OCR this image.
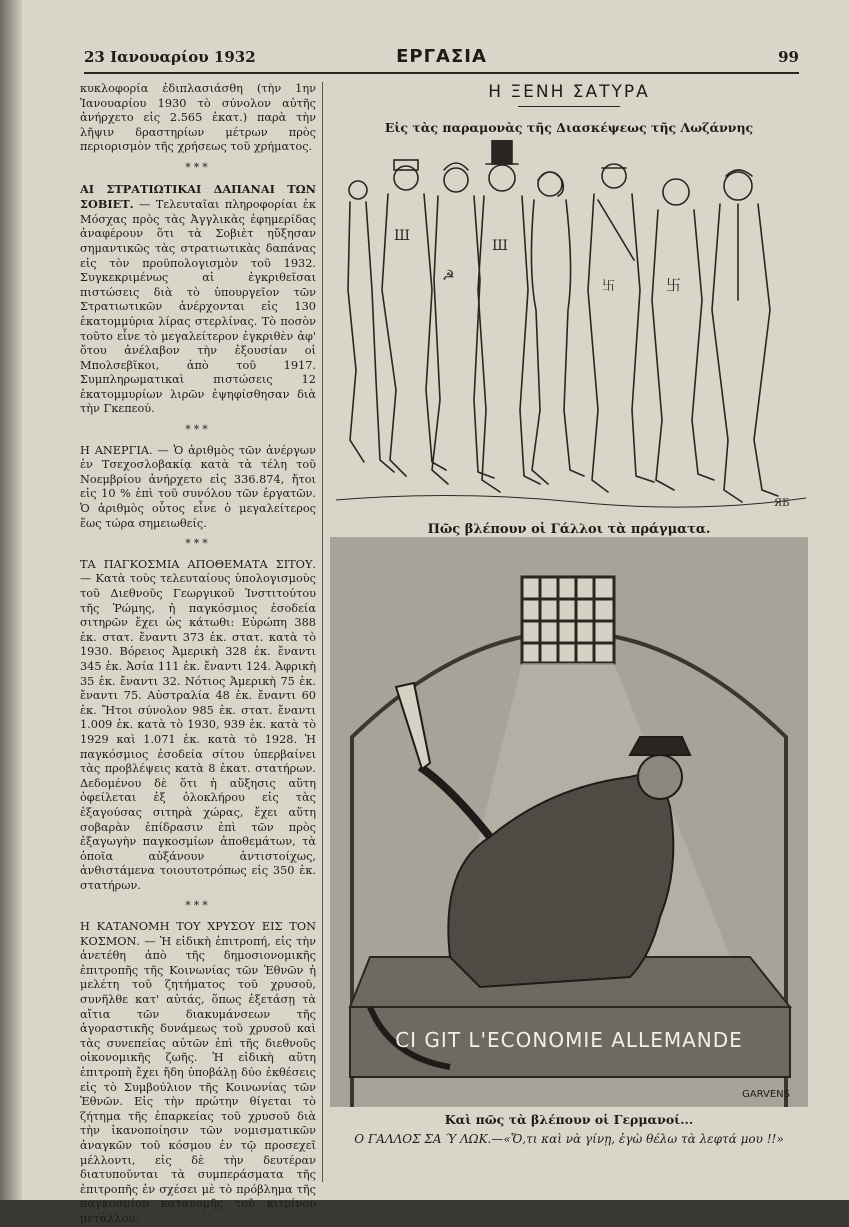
23 Ιανουαρίου 1932	ΕΡΓΑΣΙΑ	99

κυκλοφορία ἐδιπλασιάσθη (τὴν 1ην Ἰανουαρίου 1930 τὸ σύνολον αὐτῆς ἀνήρχετο εἰς 2.565 ἑκατ.) παρὰ τὴν λῆψιν δραστηρίων μέτρων πρὸς περιορισμὸν τῆς χρήσεως τοῦ χρήματος.

***

ΑΙ ΣΤΡΑΤΙΩΤΙΚΑΙ ΔΑΠΑΝΑΙ ΤΩΝ ΣΟΒΙΕΤ. — Τελευταῖαι πληροφορίαι ἐκ Μόσχας πρὸς τὰς Ἀγγλικὰς ἐφημερίδας ἀναφέρουν ὅτι τὰ Σοβιὲτ ηὔξησαν σημαντικῶς τὰς στρατιωτικὰς δαπάνας εἰς τὸν προϋπολογισμὸν τοῦ 1932. Συγκεκριμένως αἱ ἐγκριθεῖσαι πιστώσεις διὰ τὸ ὑπουργεῖον τῶν Στρατιωτικῶν ἀνέρχονται εἰς 130 ἑκατομμύρια λίρας στερλίνας. Τὸ ποσὸν τοῦτο εἶνε τὸ μεγαλείτερον ἐγκριθὲν ἀφ' ὅτου ἀνέλαβον τὴν ἐξουσίαν οἱ Μπολσεβῖκοι, ἀπὸ τοῦ 1917. Συμπληρωματικαὶ πιστώσεις 12 ἑκατομμυρίων λιρῶν ἐψηφίσθησαν διὰ τὴν Γκεπεού.

***

Η ΑΝΕΡΓΙΑ. — Ὁ ἀριθμὸς τῶν ἀνέργων ἐν Τσεχοσλοβακίᾳ κατὰ τὰ τέλη τοῦ Νοεμβρίου ἀνήρχετο εἰς 336.874, ἤτοι εἰς 10 % ἐπὶ τοῦ συνόλου τῶν ἐργατῶν. Ὁ ἀριθμὸς οὗτος εἶνε ὁ μεγαλείτερος ἕως τώρα σημειωθείς.

***

ΤΑ ΠΑΓΚΟΣΜΙΑ ΑΠΟΘΕΜΑΤΑ ΣΙΤΟΥ. — Κατὰ τοὺς τελευταίους ὑπολογισμοὺς τοῦ Διεθνοῦς Γεωργικοῦ Ἰνστιτούτου τῆς Ῥώμης, ἡ παγκόσμιος ἐσοδεία σιτηρῶν ἔχει ὡς κάτωθι: Εὐρώπη 388 ἑκ. στατ. ἔναντι 373 ἑκ. στατ. κατὰ τὸ 1930. Βόρειος Ἀμερικὴ 328 ἑκ. ἔναντι 345 ἑκ. Ἀσία 111 ἑκ. ἔναντι 124. Ἀφρικὴ 35 ἑκ. ἔναντι 32. Νότιος Ἀμερικὴ 75 ἑκ. ἔναντι 75. Αὐστραλία 48 ἑκ. ἔναντι 60 ἑκ. Ἤτοι σύνολον 985 ἑκ. στατ. ἔναντι 1.009 ἑκ. κατὰ τὸ 1930, 939 ἑκ. κατὰ τὸ 1929 καὶ 1.071 ἑκ. κατὰ τὸ 1928. Ἡ παγκόσμιος ἐσοδεία σίτου ὑπερβαίνει τὰς προβλέψεις κατὰ 8 ἑκατ. στατήρων. Δεδομένου δὲ ὅτι ἡ αὔξησις αὕτη ὀφείλεται ἐξ ὁλοκλήρου εἰς τὰς ἐξαγούσας σιτηρὰ χώρας, ἔχει αὕτη σοβαρὰν ἐπίδρασιν ἐπὶ τῶν πρὸς ἐξαγωγὴν παγκοσμίων ἀποθεμάτων, τὰ ὁποῖα αὐξάνουν ἀντιστοίχως, ἀνθιστάμενα τοιουτοτρόπως εἰς 350 ἑκ. στατήρων.

***

Η ΚΑΤΑΝΟΜΗ ΤΟΥ ΧΡΥΣΟΥ ΕΙΣ ΤΟΝ ΚΟΣΜΟΝ. — Ἡ εἰδικὴ ἐπιτροπή, εἰς τὴν ἀνετέθη ἀπὸ τῆς δημοσιονομικῆς ἐπιτροπῆς τῆς Κοινωνίας τῶν Ἐθνῶν ἡ μελέτη τοῦ ζητήματος τοῦ χρυσοῦ, συνῆλθε κατ' αὐτάς, ὅπως ἐξετάσῃ τὰ αἴτια τῶν διακυμάνσεων τῆς ἀγοραστικῆς δυνάμεως τοῦ χρυσοῦ καὶ τὰς συνεπείας αὐτῶν ἐπὶ τῆς διεθνοῦς οἰκονομικῆς ζωῆς. Ἡ εἰδικὴ αὕτη ἐπιτροπὴ ἔχει ἤδη ὑποβάλῃ δύο ἐκθέσεις εἰς τὸ Συμβούλιον τῆς Κοινωνίας τῶν Ἐθνῶν. Εἰς τὴν πρώτην θίγεται τὸ ζήτημα τῆς ἐπαρκείας τοῦ χρυσοῦ διὰ τὴν ἱκανοποίησιν τῶν νομισματικῶν ἀναγκῶν τοῦ κόσμου ἐν τῷ προσεχεῖ μέλλοντι, εἰς δὲ τὴν δευτέραν διατυποῦνται τὰ συμπεράσματα τῆς ἐπιτροπῆς ἐν σχέσει μὲ τὸ πρόβλημα τῆς παγκοσμίου κατανομῆς τοῦ κιτρίνου μετάλλου.

Η ΞΕΝΗ ΣΑΤΥΡΑ
Εἰς τὰς παραμονὰς τῆς Διασκέψεως τῆς Λωζάννης
Ш
☭
Ш
卐	卐
ЯБ
Πῶς βλέπουν οἱ Γάλλοι τὰ πράγματα.
CI GIT L'ECONOMIE ALLEMANDE
GARVENS
Καὶ πῶς τὰ βλέπουν οἱ Γερμανοί...
Ο ΓΑΛΛΟΣ ΣΑ Ύ ΛΩΚ.—«Ὅ,τι καὶ νὰ γίνῃ, ἐγὼ θέλω τὰ λεφτά μου !!»
